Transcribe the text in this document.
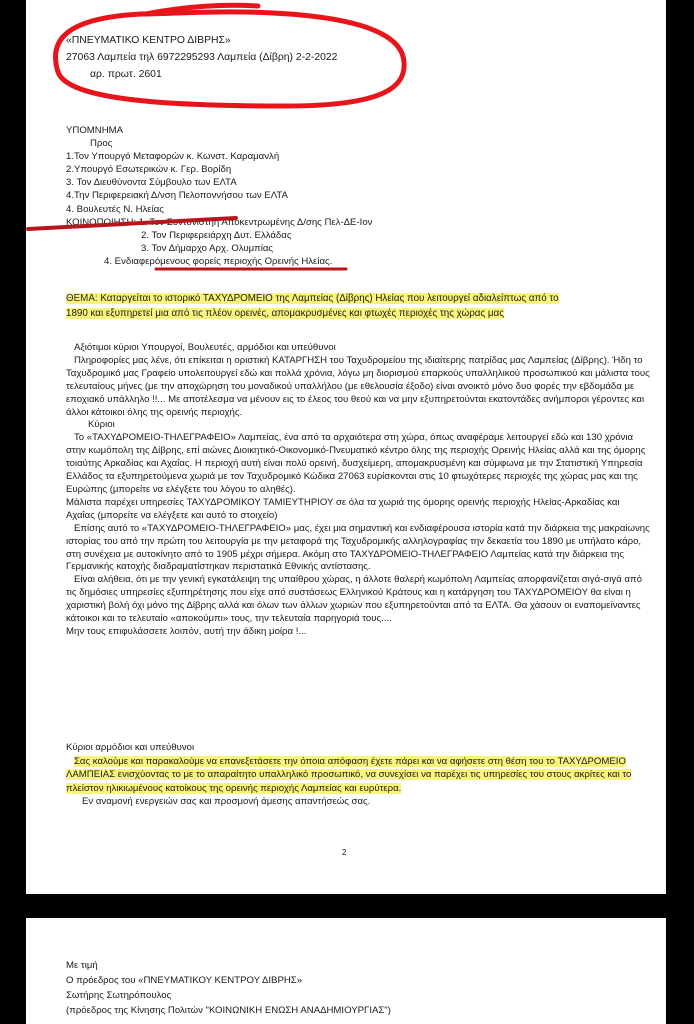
«ΠΝΕΥΜΑΤΙΚΟ ΚΕΝΤΡΟ ΔΙΒΡΗΣ»
27063 Λαμπεία τηλ 6972295293 Λαμπεία (Δίβρη) 2-2-2022
αρ. πρωτ. 2601
ΥΠΟΜΝΗΜΑ
Προς
1.Τον Υπουργό Μεταφορών κ. Κωνστ. Καραμανλή
2.Υπουργό Εσωτερικών κ. Γερ. Βορίδη
3. Τον Διευθύνοντα Σύμβουλο των ΕΛΤΑ
4.Την Περιφερειακή Δ/νση Πελοποννήσου των ΕΛΤΑ
4. Βουλευτές Ν. Ηλείας
ΚΟΙΝΟΠΟΙΗΣΗ: 1. Τον Συντονιστήή Αποκεντρωμένης Δ/σης Πελ-ΔΕ-Ιον
2. Τον Περιφερειάρχη Δυτ. Ελλάδας
3. Τον Δήμαρχο Αρχ. Ολυμπίας
4. Ενδιαφερόμενους φορείς περιοχής Ορεινής Ηλείας.
ΘΕΜΑ: Καταργείται το ιστορικό ΤΑΧΥΔΡΟΜΕΙΟ της Λαμπείας (Δίβρης) Ηλείας που λειτουργεί αδιαλείπτως από το
1890 και εξυπηρετεί μια από τις πλέον ορεινές, απομακρυσμένες και φτωχές περιοχές της χώρας μας

Αξιότιμοι κύριοι Υπουργοί, Βουλευτές, αρμόδιοι και υπεύθυνοι

Πληροφορίες μας λένε, ότι επίκειται η οριστική ΚΑΤΑΡΓΗΣΗ του Ταχυδρομείου της ιδιαίτερης πατρίδας μας Λαμπείας (Δίβρης). Ήδη το Ταχυδρομικό μας Γραφείο υπολειτουργεί εδώ και πολλά χρόνια, λόγω μη διορισμού επαρκούς υπαλληλικού προσωπικού και μάλιστα τους τελευταίους μήνες (με την αποχώρηση του μοναδικού υπαλλήλου (με εθελουσία έξοδο) είναι ανοικτό μόνο δυο φορές την εβδομάδα με εποχιακό υπάλληλο !!... Με αποτέλεσμα να μένουν εις το έλεος του θεού και να μην εξυπηρετούνται εκατοντάδες ανήμποροι γέροντες και άλλοι κάτοικοι όλης της ορεινής περιοχής.

Κύριοι

Το «ΤΑΧΥΔΡΟΜΕΙΟ-ΤΗΛΕΓΡΑΦΕΙΟ» Λαμπείας, ένα από τα αρχαιότερα στη χώρα, όπως αναφέραμε λειτουργεί εδώ και 130 χρόνια στην κωμόπολη της Δίβρης, επί αιώνες Διοικητικό-Οικονομικό-Πνευματικό κέντρο όλης της περιοχής Ορεινής Ηλείας αλλά και της όμορης τοιαύτης Αρκαδίας και Αχαΐας. Η περιοχή αυτή είναι πολύ ορεινή, δυσχείμερη, απομακρυσμένη και σύμφωνα με την Στατιστική Υπηρεσία Ελλάδος τα εξυπηρετούμενα χωριά με τον Ταχυδρομικό Κώδικα 27063 ευρίσκονται στις 10 φτωχότερες περιοχές της χώρας μας και της Ευρώπης (μπορείτε να ελέγξετε του λόγου το αληθές).

Μάλιστα παρέχει υπηρεσίες ΤΑΧΥΔΡΟΜΙΚΟΥ ΤΑΜΙΕΥΤΗΡΙΟΥ σε όλα τα χωριά της όμορης ορεινής περιοχής Ηλείας-Αρκαδίας και Αχαΐας (μπορείτε να ελέγξετε και αυτό το στοιχείο)

Επίσης αυτό το «ΤΑΧΥΔΡΟΜΕΙΟ-ΤΗΛΕΓΡΑΦΕΙΟ» μας, έχει μια σημαντική και ενδιαφέρουσα ιστορία κατά την διάρκεια της μακραίωνης ιστορίας του από την πρώτη του λειτουργία με την μεταφορά της Ταχυδρομικής αλληλογραφίας την δεκαετία του 1890 με υπήλατο κάρο, στη συνέχεια με αυτοκίνητο από το 1905 μέχρι σήμερα. Ακόμη στο ΤΑΧΥΔΡΟΜΕΙΟ-ΤΗΛΕΓΡΑΦΕΙΟ Λαμπείας κατά την διάρκεια της Γερμανικής κατοχής διαδραματίστηκαν περιστατικά Εθνικής αντίστασης.

Είναι αλήθεια, ότι με την γενική εγκατάλειψη της υπαίθρου χώρας, η άλλοτε θαλερή κωμόπολη Λαμπείας απορφανίζεται σιγά-σιγά από τις δημόσιες υπηρεσίες εξυπηρέτησης που είχε από συστάσεως Ελληνικού Κράτους και η κατάργηση του ΤΑΧΥΔΡΟΜΕΙΟΥ θα είναι η χαριστική βολή όχι μόνο της Δίβρης αλλά και όλων των άλλων χωριών που εξυπηρετούνται από τα ΕΛΤΑ. Θα χάσουν οι εναπομείναντες κάτοικοι και το τελευταίο «αποκούμπι» τους, την τελευταία παρηγοριά τους....

Μην τους επιφυλάσσετε λοιπόν, αυτή την άδικη μοίρα !...

Κύριοι αρμόδιοι και υπεύθυνοι

Σας καλούμε και παρακαλούμε να επανεξετάσετε την όποια απόφαση έχετε πάρει και να αφήσετε στη θέση του το ΤΑΧΥΔΡΟΜΕΙΟ ΛΑΜΠΕΙΑΣ ενισχύοντας το με το απαραίτητο υπαλληλικό προσωπικό, να συνεχίσει να παρέχει τις υπηρεσίες του στους ακρίτες και το πλείστον ηλικιωμένους κατοίκους της ορεινής περιοχής Λαμπείας και ευρύτερα.

Εν αναμονή ενεργειών σας και προσμονή άμεσης απαντήσεώς σας.

2
Με τιμή
Ο πρόεδρος του «ΠΝΕΥΜΑΤΙΚΟΥ ΚΕΝΤΡΟΥ ΔΙΒΡΗΣ»
Σωτήρης Σωτηρόπουλος
(πρόεδρος της Κίνησης Πολιτών "ΚΟΙΝΩΝΙΚΗ ΕΝΩΣΗ ΑΝΑΔΗΜΙΟΥΡΓΙΑΣ")
